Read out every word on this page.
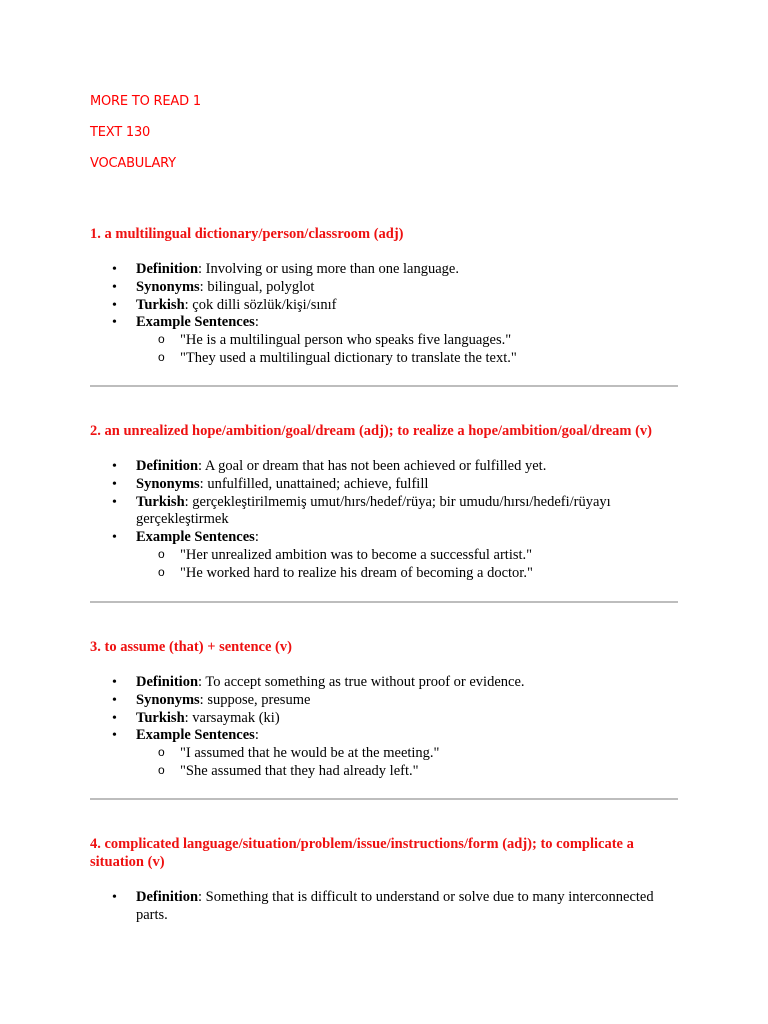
MORE TO READ 1
TEXT 130
VOCABULARY
1. a multilingual dictionary/person/classroom (adj)
• Definition: Involving or using more than one language.
• Synonyms: bilingual, polyglot
• Turkish: çok dilli sözlük/kişi/sınıf
• Example Sentences:
o "He is a multilingual person who speaks five languages."
o "They used a multilingual dictionary to translate the text."
2. an unrealized hope/ambition/goal/dream (adj); to realize a hope/ambition/goal/dream (v)
• Definition: A goal or dream that has not been achieved or fulfilled yet.
• Synonyms: unfulfilled, unattained; achieve, fulfill
• Turkish: gerçekleştirilmemiş umut/hırs/hedef/rüya; bir umudu/hırsı/hedefi/rüyayı gerçekleştirmek
• Example Sentences:
o "Her unrealized ambition was to become a successful artist."
o "He worked hard to realize his dream of becoming a doctor."
3. to assume (that) + sentence (v)
• Definition: To accept something as true without proof or evidence.
• Synonyms: suppose, presume
• Turkish: varsaymak (ki)
• Example Sentences:
o "I assumed that he would be at the meeting."
o "She assumed that they had already left."
4. complicated language/situation/problem/issue/instructions/form (adj); to complicate a situation (v)
• Definition: Something that is difficult to understand or solve due to many interconnected parts.
